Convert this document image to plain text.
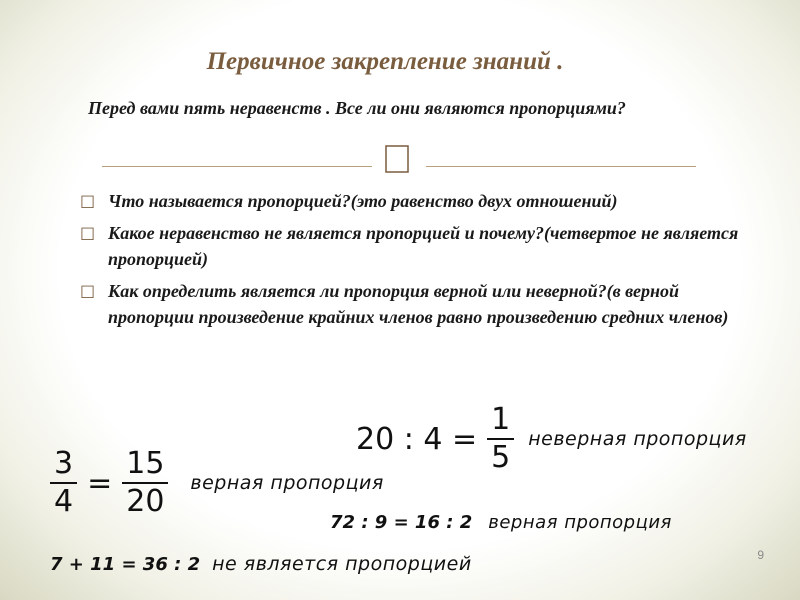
Первичное закрепление знаний .
Перед вами пять неравенств . Все ли они являются пропорциями?
□ Что называется пропорцией?(это равенство двух отношений)
□ Какое неравенство не является пропорцией и почему?(четвертое не является пропорцией)
□ Как определить является ли пропорция верной или неверной?(в верной пропорции произведение крайних членов равно произведению средних членов)
20 : $4 = \frac{1}{5}$ неверная пропорция
$\frac{3}{4} = \frac{15}{20}$ верная пропорция
72 : 9 = 16 : 2 верная пропорция
7 + 11 = 36 : 2 не является пропорцией	9
